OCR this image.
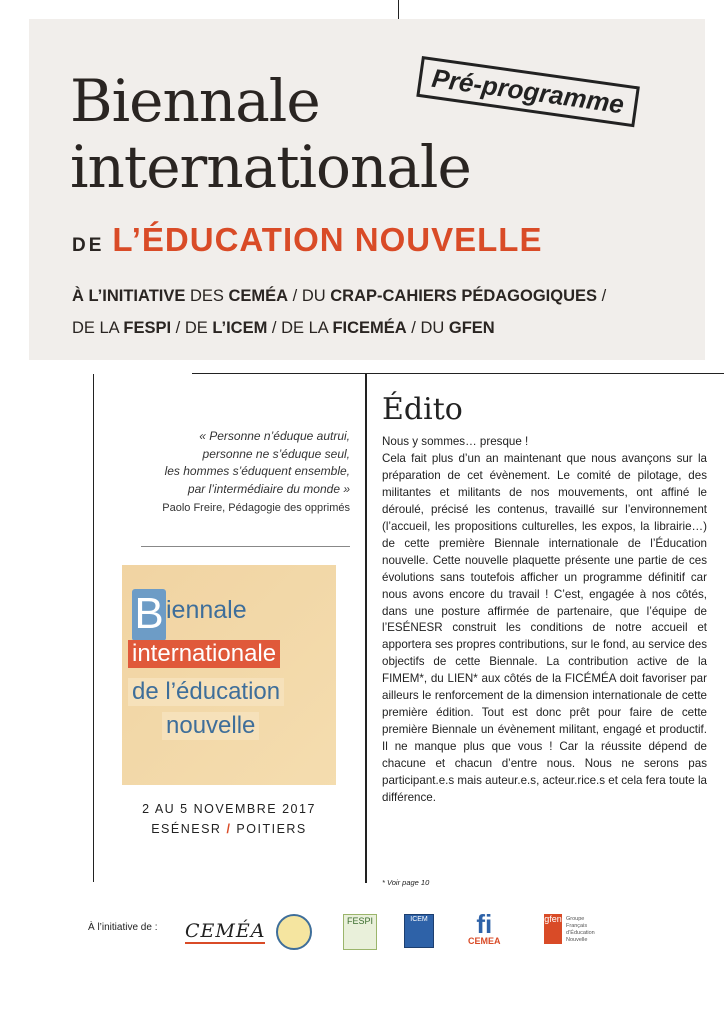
Biennale
internationale
Pré-programme
DE L’ÉDUCATION NOUVELLE
À L’INITIATIVE DES CEMÉA / DU CRAP-CAHIERS PÉDAGOGIQUES /
DE LA FESPI / DE L’ICEM / DE LA FICEMÉA / DU GFEN
« Personne n’éduque autrui,
personne ne s’éduque seul,
les hommes s’éduquent ensemble,
par l’intermédiaire du monde »
Paolo Freire, Pédagogie des opprimés
Biennale
internationale
de l’éducation
nouvelle
2 AU 5 NOVEMBRE 2017
ESÉNESR / POITIERS
Édito

Nous y sommes… presque !

Cela fait plus d’un an maintenant que nous avançons sur la préparation de cet évènement. Le comité de pilotage, des militantes et militants de nos mouvements, ont affiné le déroulé, précisé les contenus, travaillé sur l’environnement (l’accueil, les propositions culturelles, les expos, la librairie…) de cette première Biennale internationale de l’Éducation nouvelle. Cette nouvelle plaquette présente une partie de ces évolutions sans toutefois afficher un programme définitif car nous avons encore du travail ! C’est, engagée à nos côtés, dans une posture affirmée de partenaire, que l’équipe de l’ESÉNESR construit les conditions de notre accueil et apportera ses propres contributions, sur le fond, au service des objectifs de cette Biennale. La contribution active de la FIMEM*, du LIEN* aux côtés de la FICÉMÉA doit favoriser par ailleurs le renforcement de la dimension internationale de cette première édition. Tout est donc prêt pour faire de cette première Biennale un évènement militant, engagé et productif. Il ne manque plus que vous ! Car la réussite dépend de chacune et chacun d’entre nous. Nous ne serons pas participant.e.s mais auteur.e.s, acteur.rice.s et cela fera toute la différence.

* Voir page 10
À l’initiative de : CEMÉA	FESPI	ICEM	fi
CEMEA
gfen Groupe Français d’Éducation Nouvelle
